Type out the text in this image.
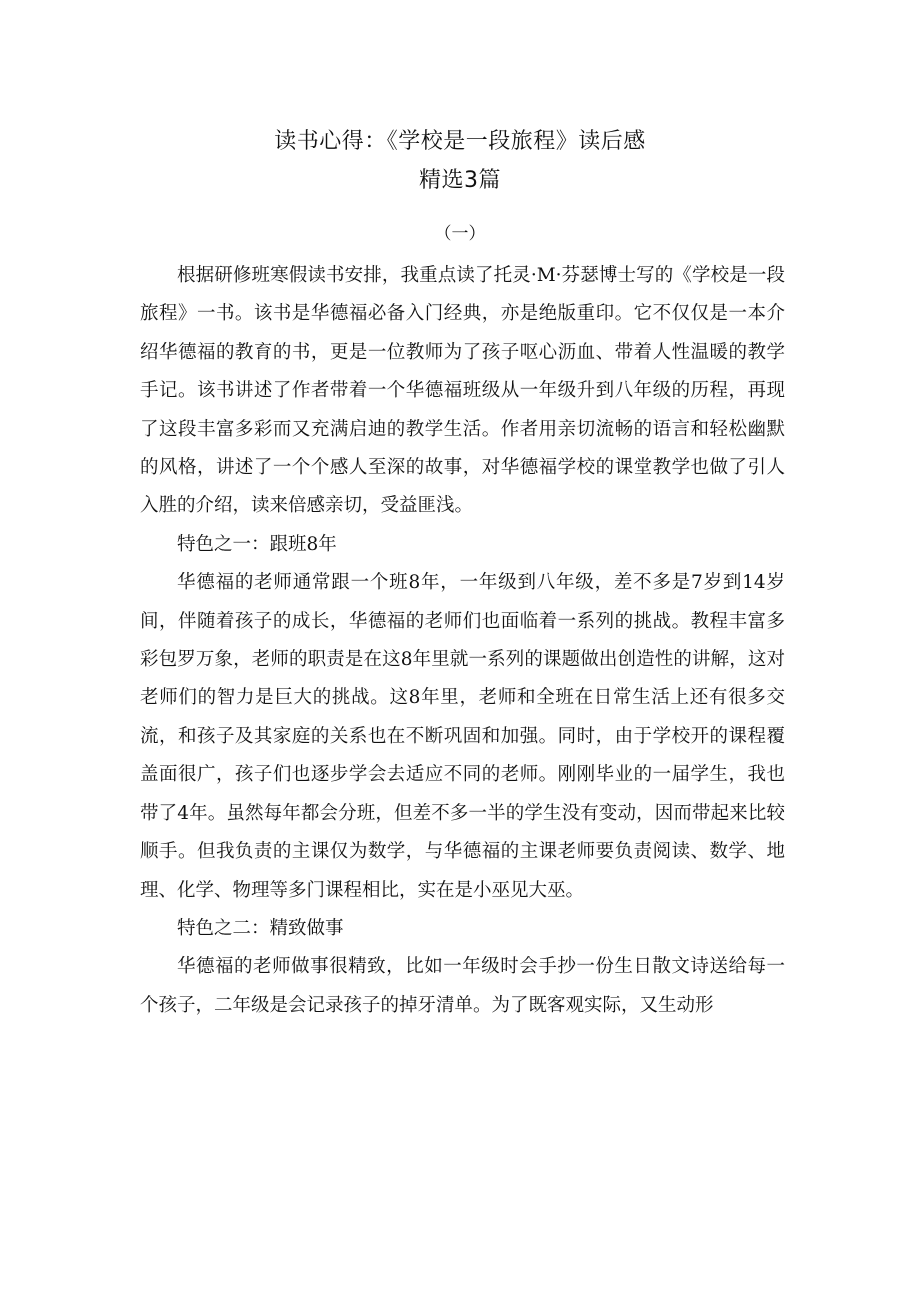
读书心得：《学校是一段旅程》读后感
精选3篇
（一）

根据研修班寒假读书安排，我重点读了托灵·M·芬瑟博士写的《学校是一段旅程》一书。该书是华德福必备入门经典，亦是绝版重印。它不仅仅是一本介绍华德福的教育的书，更是一位教师为了孩子呕心沥血、带着人性温暖的教学手记。该书讲述了作者带着一个华德福班级从一年级升到八年级的历程，再现了这段丰富多彩而又充满启迪的教学生活。作者用亲切流畅的语言和轻松幽默的风格，讲述了一个个感人至深的故事，对华德福学校的课堂教学也做了引人入胜的介绍，读来倍感亲切，受益匪浅。

特色之一：跟班8年

华德福的老师通常跟一个班8年，一年级到八年级，差不多是7岁到14岁间，伴随着孩子的成长，华德福的老师们也面临着一系列的挑战。教程丰富多彩包罗万象，老师的职责是在这8年里就一系列的课题做出创造性的讲解，这对老师们的智力是巨大的挑战。这8年里，老师和全班在日常生活上还有很多交流，和孩子及其家庭的关系也在不断巩固和加强。同时，由于学校开的课程覆盖面很广，孩子们也逐步学会去适应不同的老师。刚刚毕业的一届学生，我也带了4年。虽然每年都会分班，但差不多一半的学生没有变动，因而带起来比较顺手。但我负责的主课仅为数学，与华德福的主课老师要负责阅读、数学、地理、化学、物理等多门课程相比，实在是小巫见大巫。

特色之二：精致做事

华德福的老师做事很精致，比如一年级时会手抄一份生日散文诗送给每一个孩子，二年级是会记录孩子的掉牙清单。为了既客观实际，又生动形
